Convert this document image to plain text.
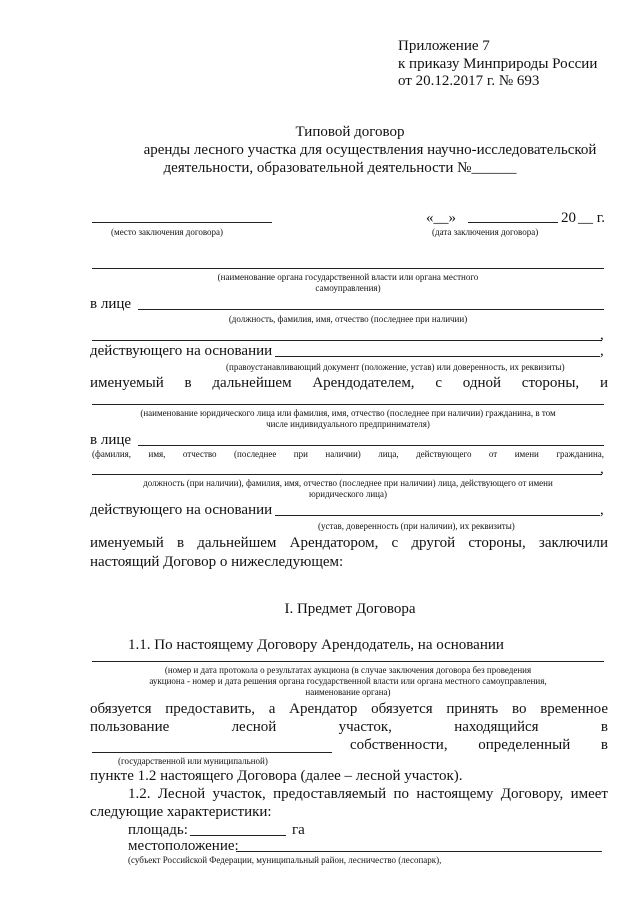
Приложение 7
к приказу Минприроды России
от 20.12.2017 г. № 693
Типовой договор
аренды лесного участка для осуществления научно-исследовательской
деятельности, образовательной деятельности №______
(место заключения договора)
«__»	20 __ г.
(дата заключения договора)
(наименование органа государственной власти или органа местного
самоуправления)
в лице
(должность, фамилия, имя, отчество (последнее при наличии)
,
действующего на основании	,
(правоустанавливающий документ (положение, устав) или доверенность, их реквизиты)
именуемый в дальнейшем Арендодателем, с одной стороны, и
(наименование юридического лица или фамилия, имя, отчество (последнее при наличии) гражданина, в том
числе индивидуального предпринимателя)
в лице
(фамилия, имя, отчество (последнее при наличии) лица, действующего от имени гражданина,
,
должность (при наличии), фамилия, имя, отчество (последнее при наличии) лица, действующего от имени
юридического лица)
действующего на основании	,
(устав, доверенность (при наличии), их реквизиты)
именуемый в дальнейшем Арендатором, с другой стороны, заключили
настоящий Договор о нижеследующем:
I. Предмет Договора
1.1. По настоящему Договору Арендодатель, на основании
(номер и дата протокола о результатах аукциона (в случае заключения договора без проведения
аукциона - номер и дата решения органа государственной власти или органа местного самоуправления,
наименование органа)
обязуется предоставить, а Арендатор обязуется принять во временное
пользование лесной участок, находящийся в
собственности, определенный в
(государственной или муниципальной)
пункте 1.2 настоящего Договора (далее – лесной участок).
1.2. Лесной участок, предоставляемый по настоящему Договору, имеет
следующие характеристики:
площадь:	га
местоположение:
(субъект Российской Федерации, муниципальный район, лесничество (лесопарк),
